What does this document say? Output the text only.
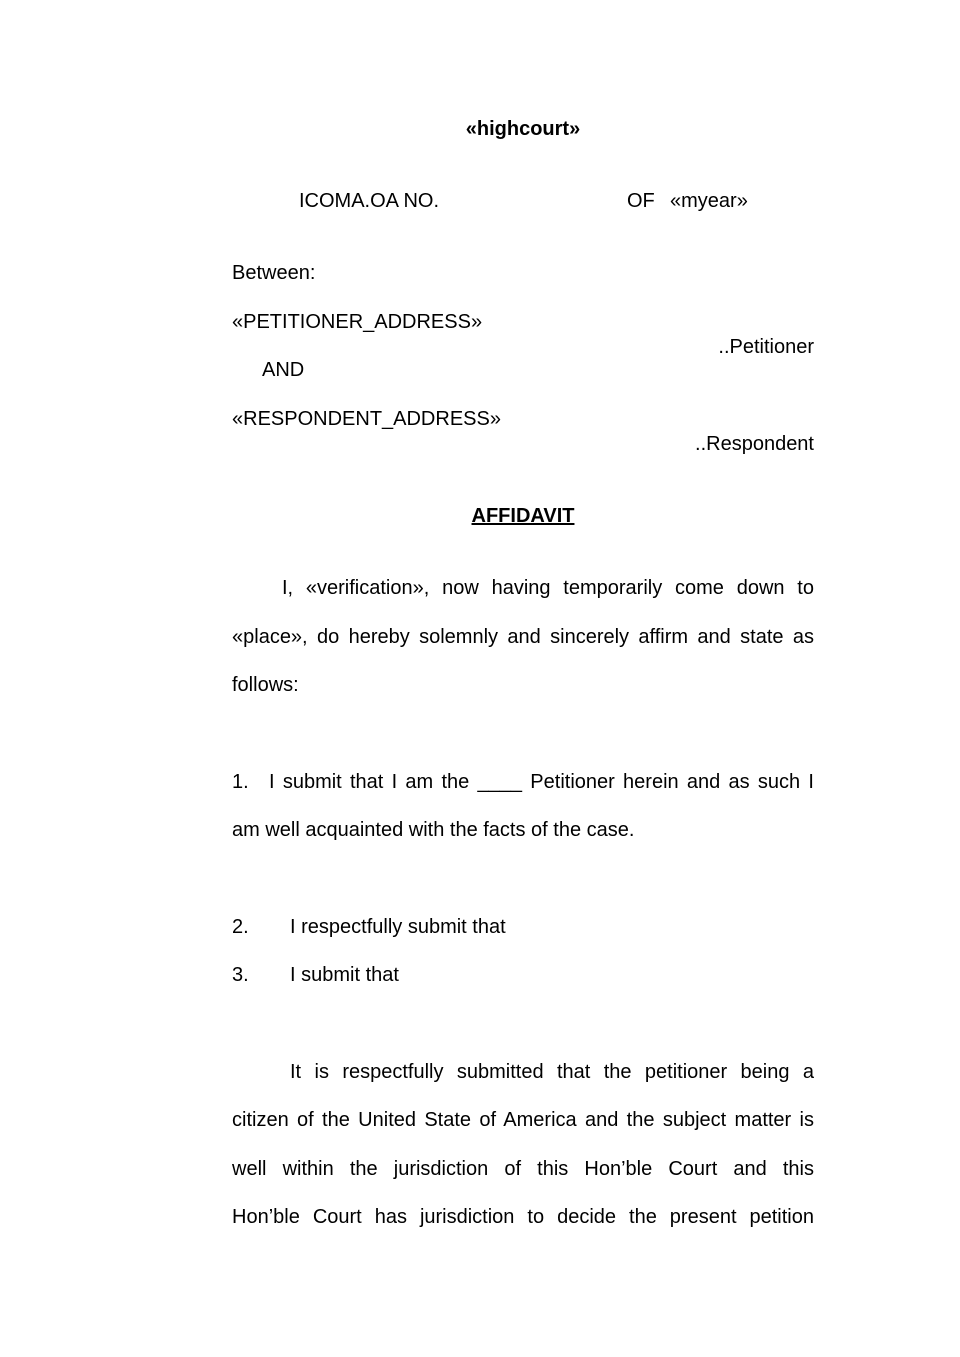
«highcourt»
ICOMA.OA NO.	OF «myear»
Between:
«PETITIONER_ADDRESS»
..Petitioner
AND
«RESPONDENT_ADDRESS»
..Respondent
AFFIDAVIT
I, «verification», now having temporarily come down to
«place», do hereby solemnly and sincerely affirm and state as
follows:
1. I submit that I am the ____ Petitioner herein and as such I
am well acquainted with the facts of the case.
2. I respectfully submit that
3. I submit that
It is respectfully submitted that the petitioner being a
citizen of the United State of America and the subject matter is
well within the jurisdiction of this Hon’ble Court and this
Hon’ble Court has jurisdiction to decide the present petition
